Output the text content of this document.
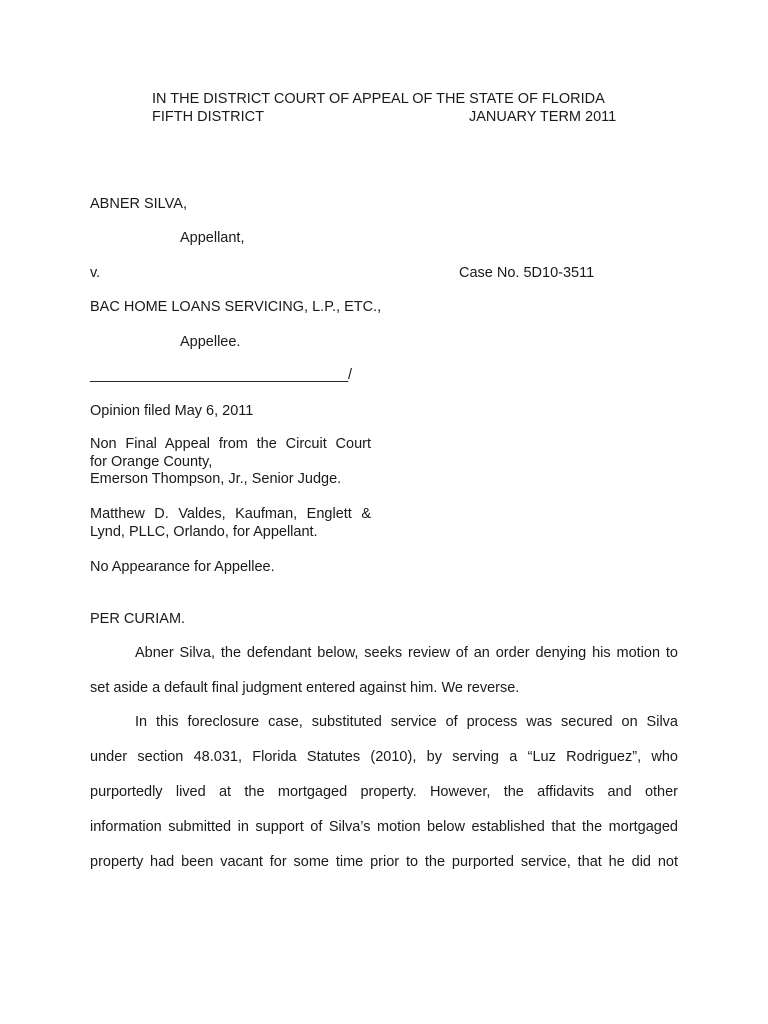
IN THE DISTRICT COURT OF APPEAL OF THE STATE OF FLORIDA
FIFTH DISTRICT	JANUARY TERM 2011
ABNER SILVA,
Appellant,
v.	Case No. 5D10-3511
BAC HOME LOANS SERVICING, L.P., ETC.,
Appellee.
________________________________/
Opinion filed May 6, 2011
Non Final Appeal from the Circuit Court
for Orange County,
Emerson Thompson, Jr., Senior Judge.
Matthew D. Valdes, Kaufman, Englett &
Lynd, PLLC, Orlando, for Appellant.
No Appearance for Appellee.
PER CURIAM.
Abner Silva, the defendant below, seeks review of an order denying his motion to
set aside a default final judgment entered against him. We reverse.
In this foreclosure case, substituted service of process was secured on Silva
under section 48.031, Florida Statutes (2010), by serving a “Luz Rodriguez”, who
purportedly lived at the mortgaged property. However, the affidavits and other
information submitted in support of Silva’s motion below established that the mortgaged
property had been vacant for some time prior to the purported service, that he did not
